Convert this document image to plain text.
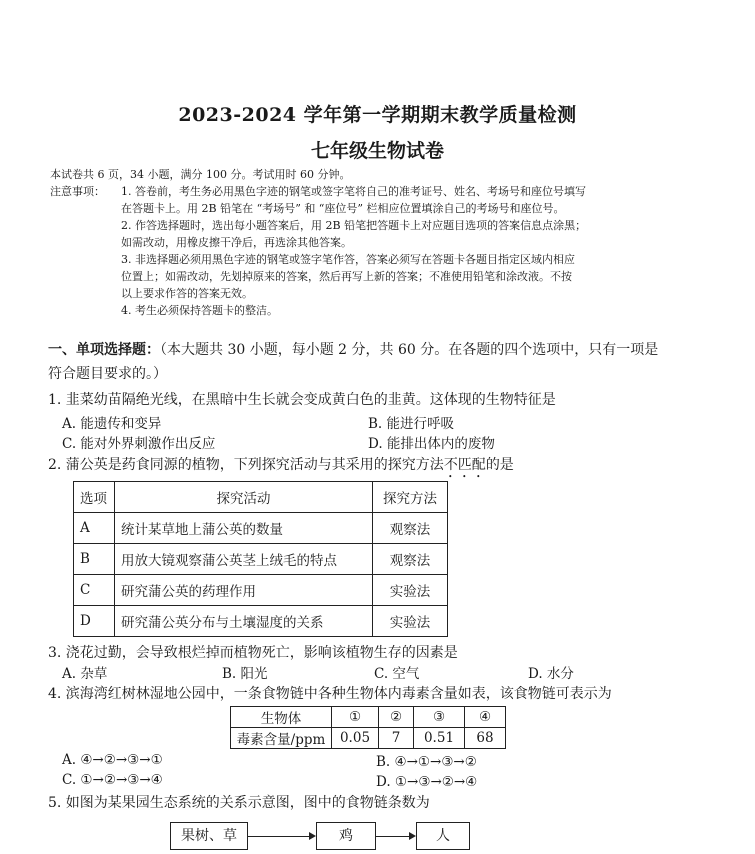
2023-2024 学年第一学期期末教学质量检测
七年级生物试卷
本试卷共 6 页，34 小题，满分 100 分。考试用时 60 分钟。
注意事项： 1. 答卷前，考生务必用黑色字迹的钢笔或签字笔将自己的准考证号、姓名、考场号和座位号填写
在答题卡上。用 2B 铅笔在 “考场号” 和 “座位号” 栏相应位置填涂自己的考场号和座位号。
2. 作答选择题时，选出每小题答案后，用 2B 铅笔把答题卡上对应题目选项的答案信息点涂黑；
如需改动，用橡皮擦干净后，再选涂其他答案。
3. 非选择题必须用黑色字迹的钢笔或签字笔作答，答案必须写在答题卡各题目指定区域内相应
位置上；如需改动，先划掉原来的答案，然后再写上新的答案；不准使用铅笔和涂改液。不按
以上要求作答的答案无效。
4. 考生必须保持答题卡的整洁。
一、单项选择题：（本大题共 30 小题，每小题 2 分，共 60 分。在各题的四个选项中，只有一项是
符合题目要求的。）
1. 韭菜幼苗隔绝光线，在黑暗中生长就会变成黄白色的韭黄。这体现的生物特征是
A. 能遗传和变异	B. 能进行呼吸
C. 能对外界刺激作出反应	D. 能排出体内的废物
2. 蒲公英是药食同源的植物，下列探究活动与其采用的探究方法不匹配的是
选项	探究活动	探究方法
A	统计某草地上蒲公英的数量	观察法
B	用放大镜观察蒲公英茎上绒毛的特点	观察法
C	研究蒲公英的药理作用	实验法
D	研究蒲公英分布与土壤湿度的关系	实验法
3. 浇花过勤，会导致根烂掉而植物死亡，影响该植物生存的因素是
A. 杂草	B. 阳光	C. 空气	D. 水分
4. 滨海湾红树林湿地公园中，一条食物链中各种生物体内毒素含量如表，该食物链可表示为
生物体	①	②	③	④
毒素含量/ppm	0.05	7	0.51	68
A. ④→②→③→①	B. ④→①→③→②
C. ①→②→③→④	D. ①→③→②→④
5. 如图为某果园生态系统的关系示意图，图中的食物链条数为
果树、草	鸡	人
